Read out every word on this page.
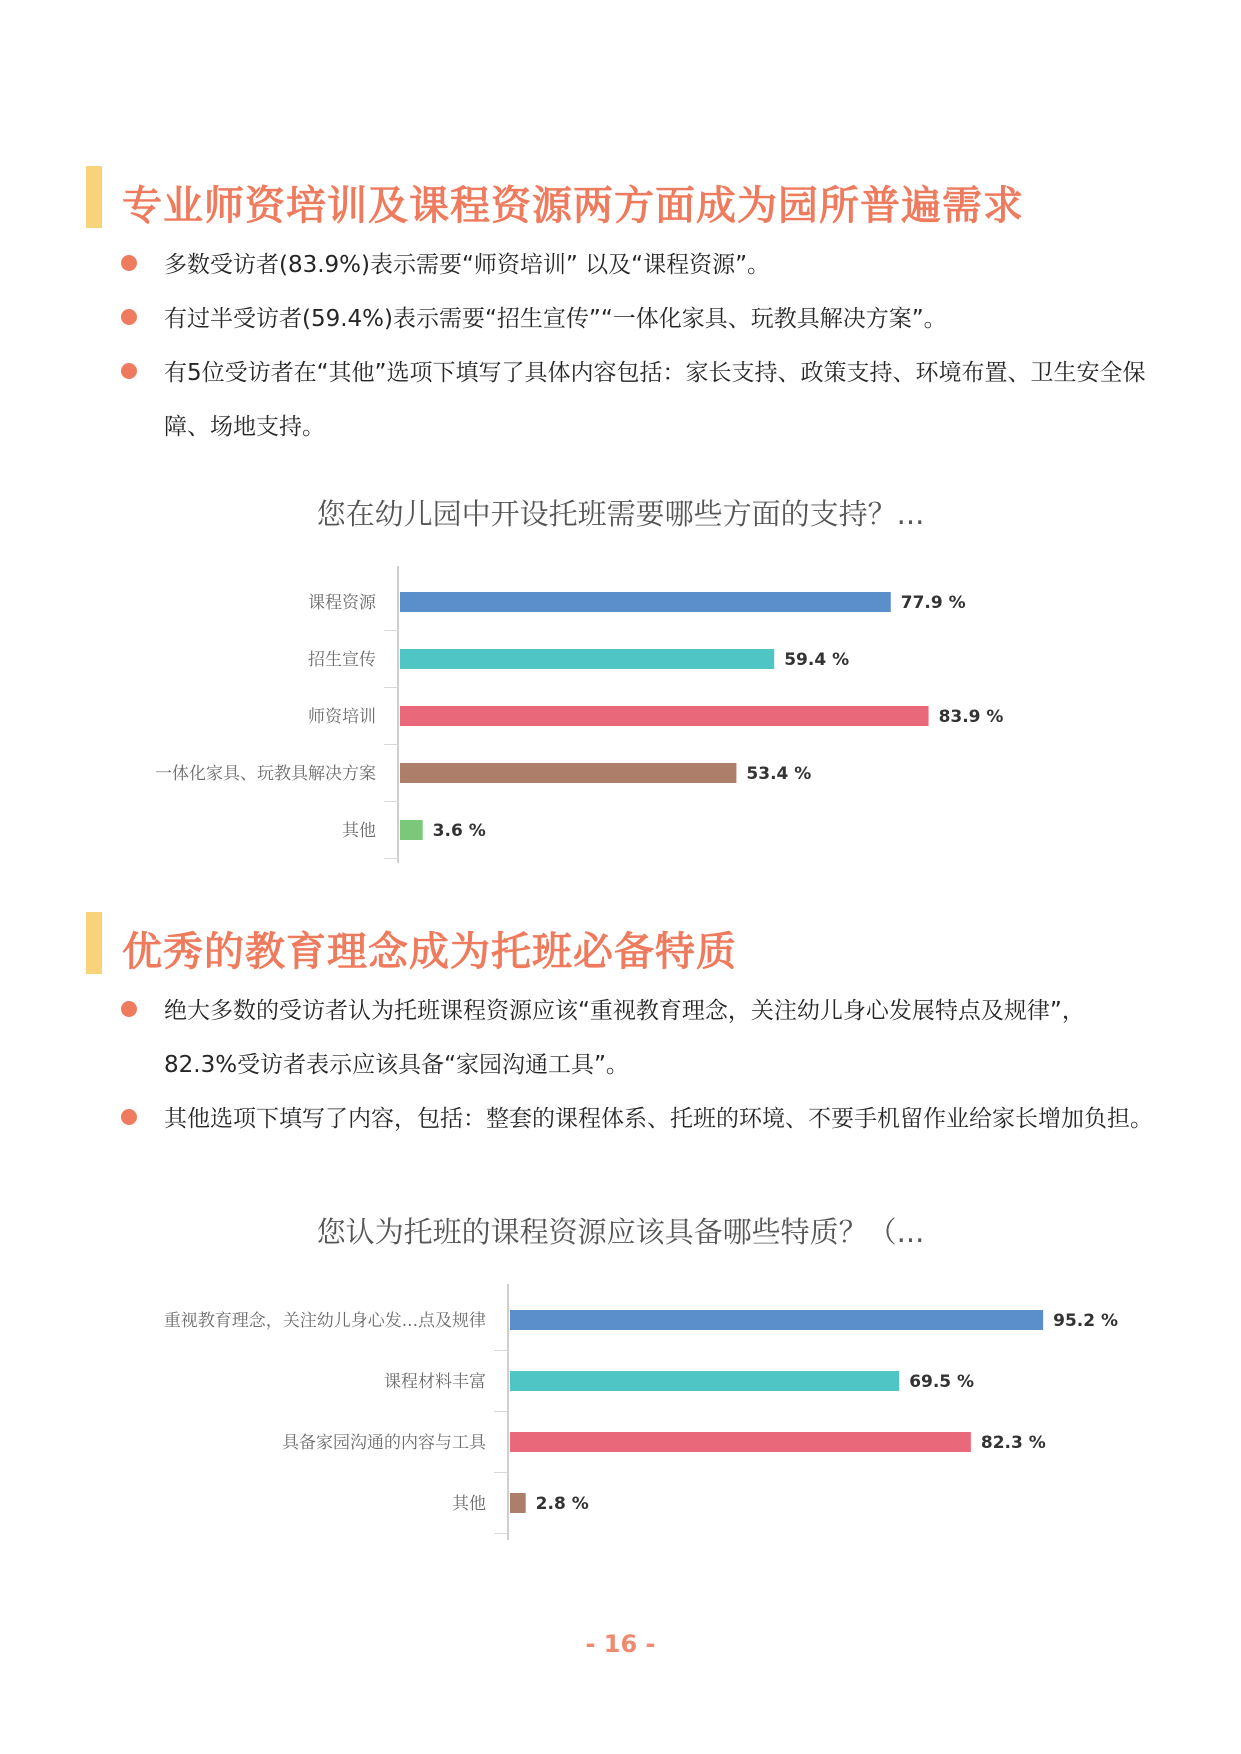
专业师资培训及课程资源两方面成为园所普遍需求
多数受访者(83.9%)表示需要“师资培训” 以及“课程资源”。
有过半受访者(59.4%)表示需要“招生宣传”“一体化家具、玩教具解决方案”。
有5位受访者在“其他”选项下填写了具体内容包括：家长支持、政策支持、环境布置、卫生安全保障、场地支持。
您在幼儿园中开设托班需要哪些方面的支持？...
课程资源	77.9 %
招生宣传	59.4 %
师资培训	83.9 %
一体化家具、玩教具解决方案	53.4 %
其他	3.6 %
优秀的教育理念成为托班必备特质
绝大多数的受访者认为托班课程资源应该“重视教育理念，关注幼儿身心发展特点及规律”，82.3%受访者表示应该具备“家园沟通工具”。
其他选项下填写了内容，包括：整套的课程体系、托班的环境、不要手机留作业给家长增加负担。
您认为托班的课程资源应该具备哪些特质？（...
重视教育理念，关注幼儿身心发...点及规律	95.2 %
课程材料丰富	69.5 %
具备家园沟通的内容与工具	82.3 %
其他	2.8 %
- 16 -
